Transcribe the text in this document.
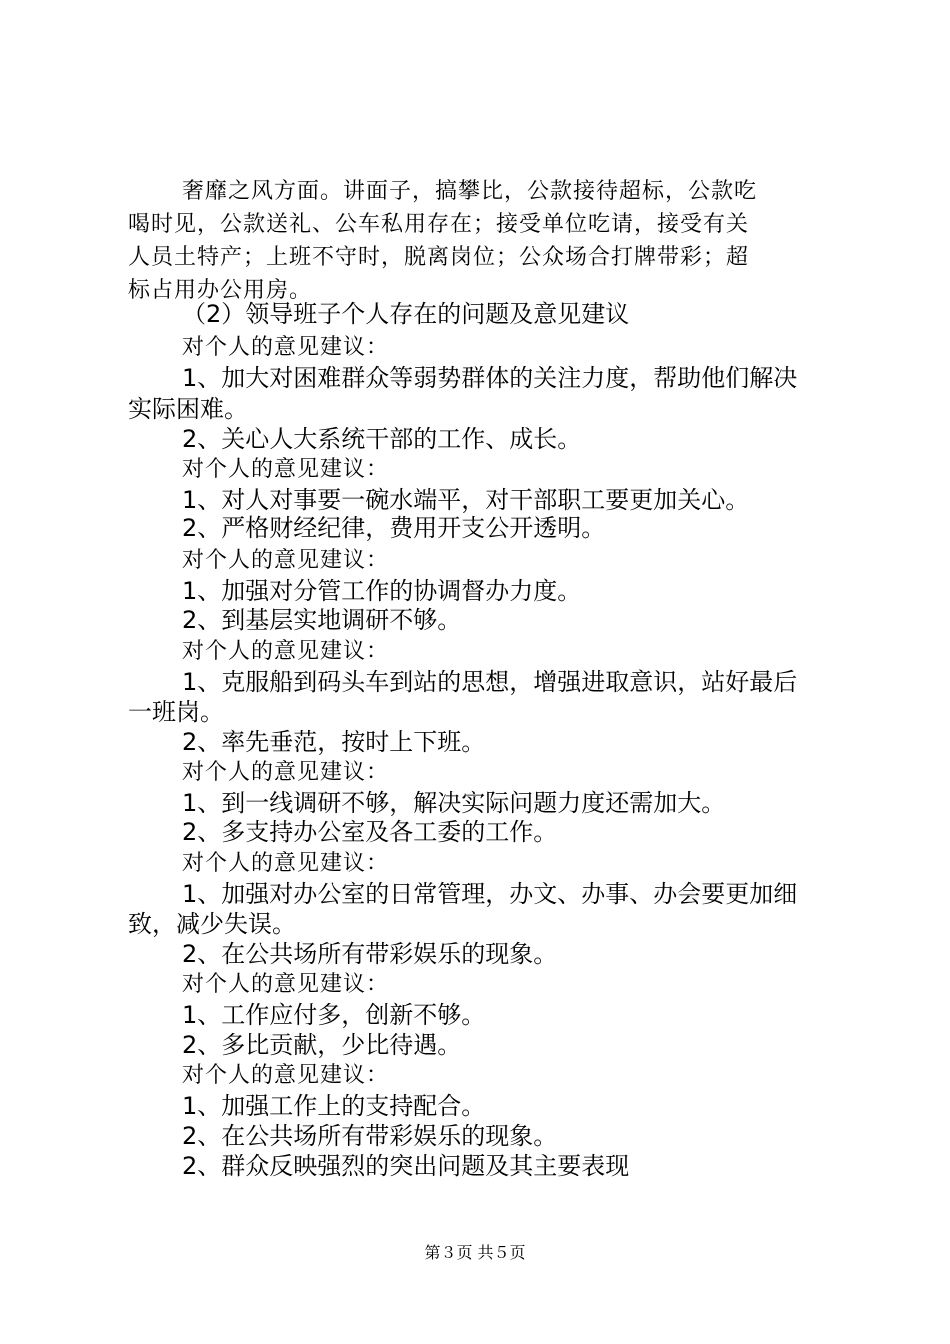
奢靡之风方面。讲面子，搞攀比，公款接待超标，公款吃
喝时见，公款送礼、公车私用存在；接受单位吃请，接受有关
人员土特产；上班不守时，脱离岗位；公众场合打牌带彩；超
标占用办公用房。
（2）领导班子个人存在的问题及意见建议
对个人的意见建议：
1、加大对困难群众等弱势群体的关注力度，帮助他们解决
实际困难。
2、关心人大系统干部的工作、成长。
对个人的意见建议：
1、对人对事要一碗水端平，对干部职工要更加关心。
2、严格财经纪律，费用开支公开透明。
对个人的意见建议：
1、加强对分管工作的协调督办力度。
2、到基层实地调研不够。
对个人的意见建议：
1、克服船到码头车到站的思想，增强进取意识，站好最后
一班岗。
2、率先垂范，按时上下班。
对个人的意见建议：
1、到一线调研不够，解决实际问题力度还需加大。
2、多支持办公室及各工委的工作。
对个人的意见建议：
1、加强对办公室的日常管理，办文、办事、办会要更加细
致，减少失误。
2、在公共场所有带彩娱乐的现象。
对个人的意见建议：
1、工作应付多，创新不够。
2、多比贡献，少比待遇。
对个人的意见建议：
1、加强工作上的支持配合。
2、在公共场所有带彩娱乐的现象。
2、群众反映强烈的突出问题及其主要表现
第３页 共５页
